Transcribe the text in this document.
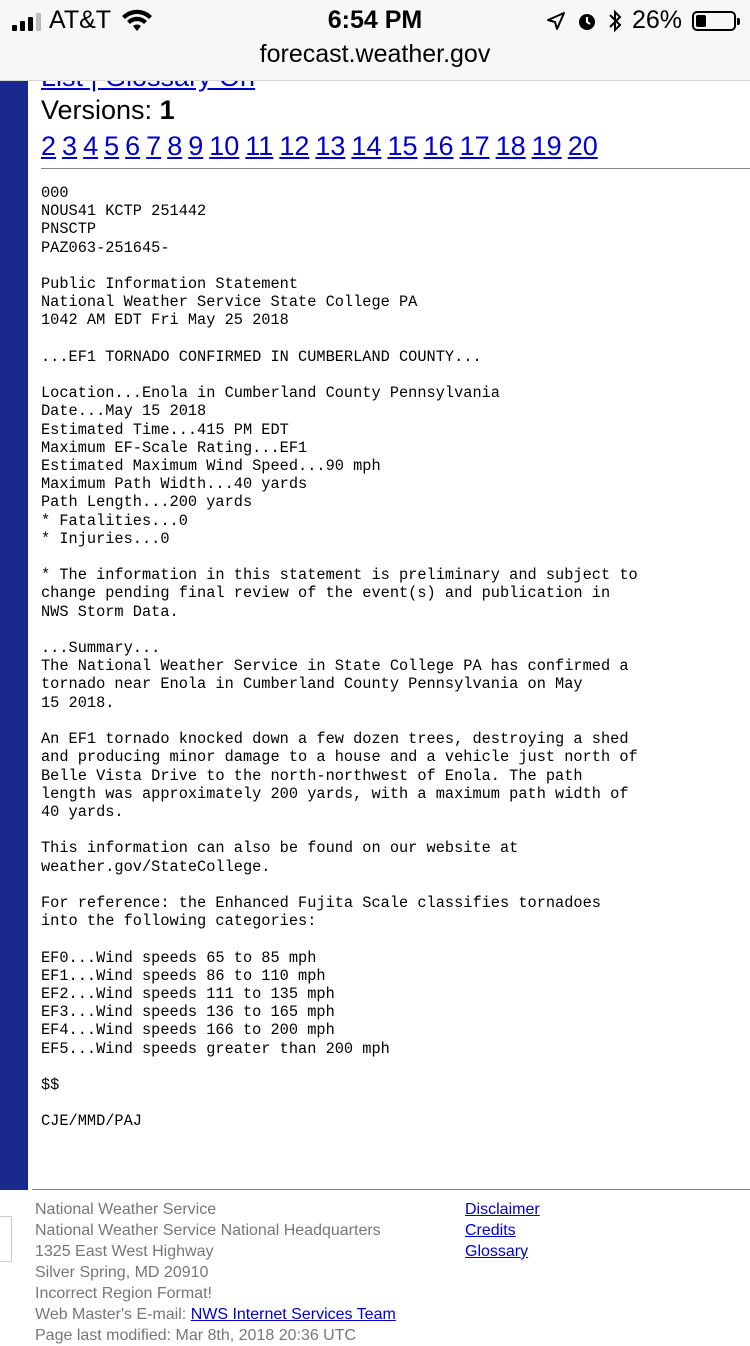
AT&T	6:54 PM	26%
forecast.weather.gov
Versions: 1 2 3 4 5 6 7 8 9 10 11 12 13 14 15 16 17 18 19 20

000
NOUS41 KCTP 251442
PNSCTP
PAZ063-251645-

Public Information Statement
National Weather Service State College PA
1042 AM EDT Fri May 25 2018

...EF1 TORNADO CONFIRMED IN CUMBERLAND COUNTY...

Location...Enola in Cumberland County Pennsylvania
Date...May 15 2018
Estimated Time...415 PM EDT
Maximum EF-Scale Rating...EF1
Estimated Maximum Wind Speed...90 mph
Maximum Path Width...40 yards
Path Length...200 yards
* Fatalities...0
* Injuries...0

* The information in this statement is preliminary and subject to
change pending final review of the event(s) and publication in
NWS Storm Data.

...Summary...
The National Weather Service in State College PA has confirmed a
tornado near Enola in Cumberland County Pennsylvania on May
15 2018.

An EF1 tornado knocked down a few dozen trees, destroying a shed
and producing minor damage to a house and a vehicle just north of
Belle Vista Drive to the north-northwest of Enola. The path
length was approximately 200 yards, with a maximum path width of
40 yards.

This information can also be found on our website at
weather.gov/StateCollege.

For reference: the Enhanced Fujita Scale classifies tornadoes
into the following categories:

EF0...Wind speeds 65 to 85 mph
EF1...Wind speeds 86 to 110 mph
EF2...Wind speeds 111 to 135 mph
EF3...Wind speeds 136 to 165 mph
EF4...Wind speeds 166 to 200 mph
EF5...Wind speeds greater than 200 mph

$$

CJE/MMD/PAJ
National Weather Service
National Weather Service National Headquarters
1325 East West Highway
Silver Spring, MD 20910
Incorrect Region Format!
Web Master's E-mail: NWS Internet Services Team
Page last modified: Mar 8th, 2018 20:36 UTC
Disclaimer
Credits
Glossary
